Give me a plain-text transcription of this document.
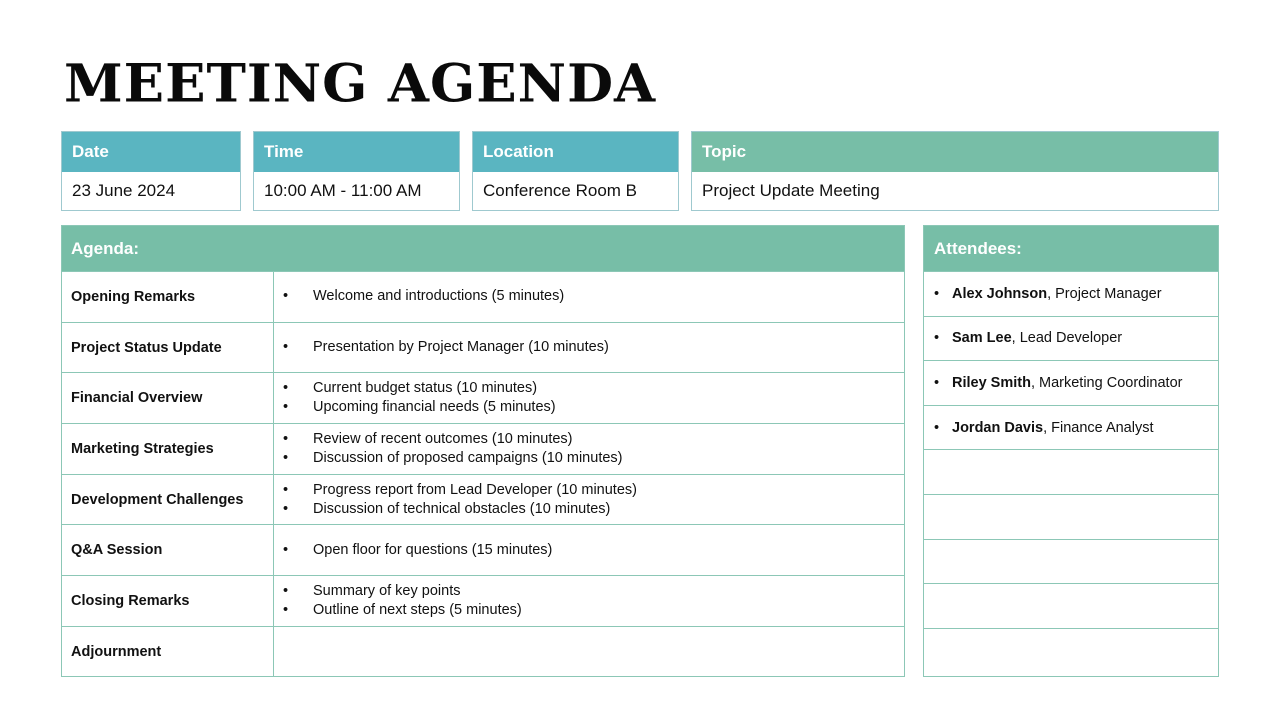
MEETING AGENDA
Date
23 June 2024
Time
10:00 AM - 11:00 AM
Location
Conference Room B
Topic
Project Update Meeting
Agenda:
Opening Remarks	•	Welcome and introductions (5 minutes)
Project Status Update	•	Presentation by Project Manager (10 minutes)
Financial Overview
•	Current budget status (10 minutes)
•	Upcoming financial needs (5 minutes)
Marketing Strategies
•	Review of recent outcomes (10 minutes)
•	Discussion of proposed campaigns (10 minutes)
Development Challenges
•	Progress report from Lead Developer (10 minutes)
•	Discussion of technical obstacles (10 minutes)
Q&A Session	•	Open floor for questions (15 minutes)
Closing Remarks
•	Summary of key points
•	Outline of next steps (5 minutes)
Adjournment
Attendees:
• Alex Johnson , Project Manager
• Sam Lee , Lead Developer
• Riley Smith , Marketing Coordinator
• Jordan Davis , Finance Analyst
